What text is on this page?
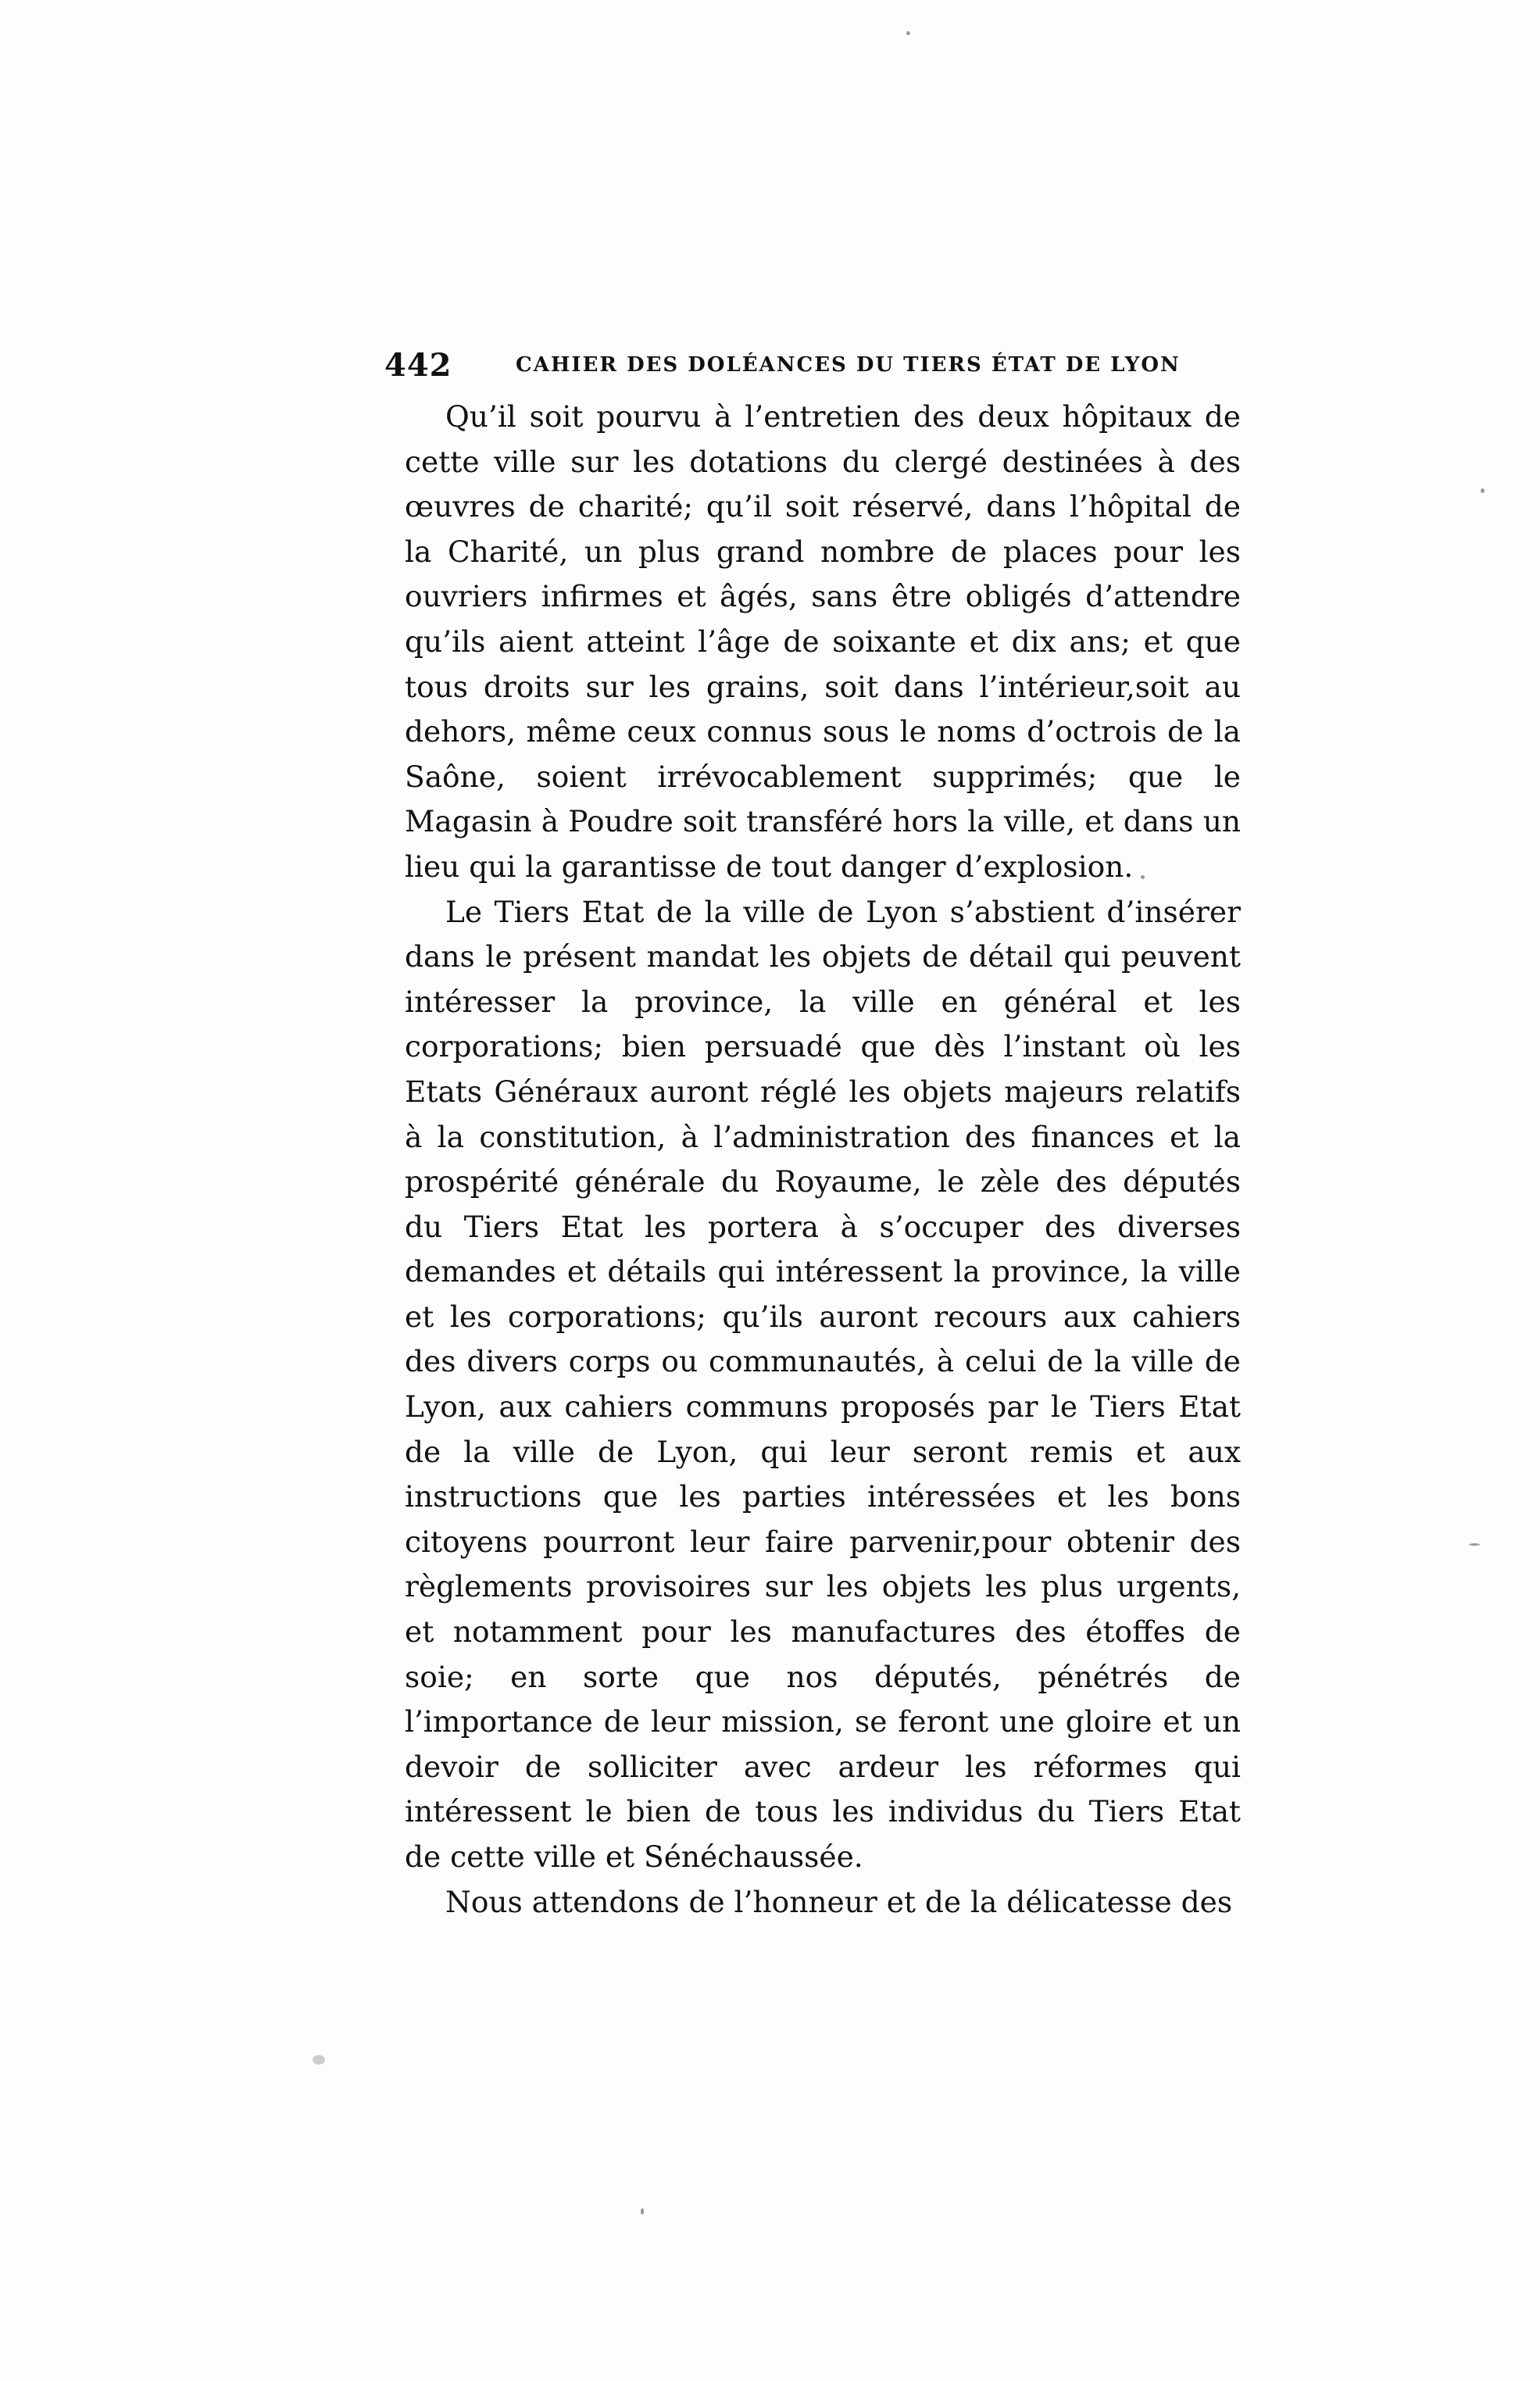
442	CAHIER DES DOLÉANCES DU TIERS ÉTAT DE LYON

Qu’il soit pourvu à l’entretien des deux hôpitaux de cette ville sur les dotations du clergé destinées à des œuvres de charité; qu’il soit réservé, dans l’hôpital de la Charité, un plus grand nombre de places pour les ouvriers infirmes et âgés, sans être obligés d’attendre qu’ils aient atteint l’âge de soixante et dix ans; et que tous droits sur les grains, soit dans l’intérieur,soit au dehors, même ceux connus sous le noms d’octrois de la Saône, soient irrévocablement supprimés; que le Magasin à Poudre soit transféré hors la ville, et dans un lieu qui la garantisse de tout danger d’explosion.

Le Tiers Etat de la ville de Lyon s’abstient d’insérer dans le présent mandat les objets de détail qui peuvent intéresser la province, la ville en général et les corporations; bien persuadé que dès l’instant où les Etats Généraux auront réglé les objets majeurs relatifs à la constitution, à l’administration des finances et la prospérité générale du Royaume, le zèle des députés du Tiers Etat les portera à s’occuper des diverses demandes et détails qui intéressent la province, la ville et les corporations; qu’ils auront recours aux cahiers des divers corps ou communautés, à celui de la ville de Lyon, aux cahiers communs proposés par le Tiers Etat de la ville de Lyon, qui leur seront remis et aux instructions que les parties intéressées et les bons citoyens pourront leur faire parvenir,pour obtenir des règlements provisoires sur les objets les plus urgents, et notamment pour les manufactures des étoffes de soie; en sorte que nos députés, pénétrés de l’importance de leur mission, se feront une gloire et un devoir de solliciter avec ardeur les réformes qui intéressent le bien de tous les individus du Tiers Etat de cette ville et Sénéchaussée.

Nous attendons de l’honneur et de la délicatesse des
